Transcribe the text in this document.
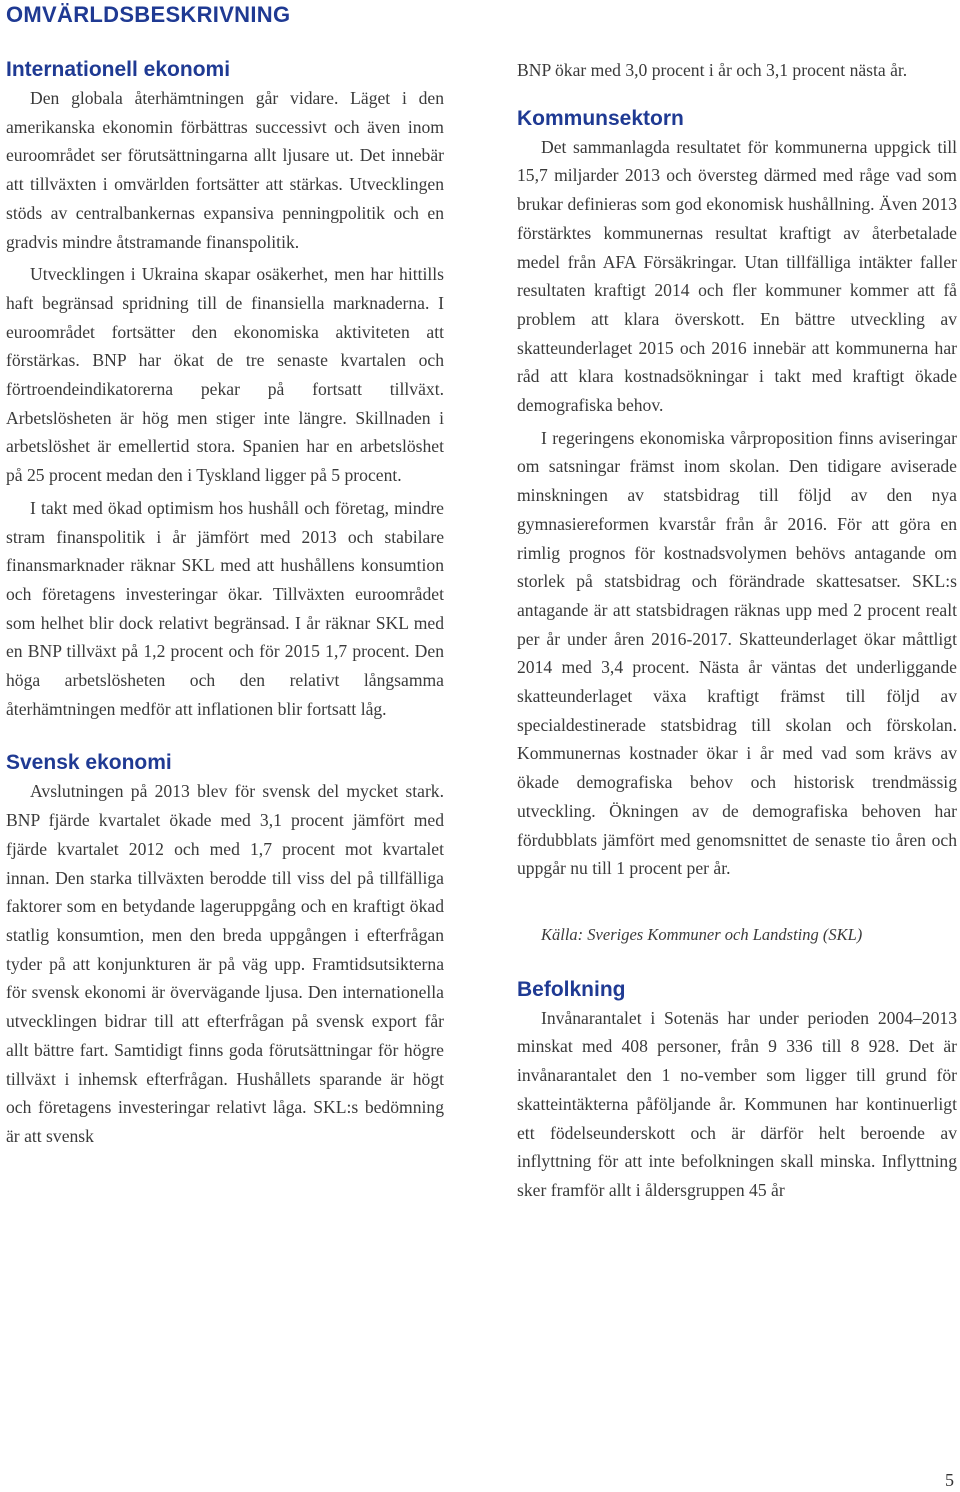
OMVÄRLDSBESKRIVNING
Internationell ekonomi

Den globala återhämtningen går vidare. Läget i den amerikanska ekonomin förbättras successivt och även inom euroområdet ser förutsättningarna allt ljusare ut. Det innebär att tillväxten i omvärlden fortsätter att stärkas. Utvecklingen stöds av centralbankernas expansiva penningpolitik och en gradvis mindre åtstramande finanspolitik.

Utvecklingen i Ukraina skapar osäkerhet, men har hittills haft begränsad spridning till de finansiella marknaderna. I euroområdet fortsätter den ekonomiska aktiviteten att förstärkas. BNP har ökat de tre senaste kvartalen och förtroendeindikatorerna pekar på fortsatt tillväxt. Arbetslösheten är hög men stiger inte längre. Skillnaden i arbetslöshet är emellertid stora. Spanien har en arbetslöshet på 25 procent medan den i Tyskland ligger på 5 procent.

I takt med ökad optimism hos hushåll och företag, mindre stram finanspolitik i år jämfört med 2013 och stabilare finansmarknader räknar SKL med att hushållens konsumtion och företagens investeringar ökar. Tillväxten euroområdet som helhet blir dock relativt begränsad. I år räknar SKL med en BNP tillväxt på 1,2 procent och för 2015 1,7 procent. Den höga arbetslösheten och den relativt långsamma återhämtningen medför att inflationen blir fortsatt låg.

Svensk ekonomi

Avslutningen på 2013 blev för svensk del mycket stark. BNP fjärde kvartalet ökade med 3,1 procent jämfört med fjärde kvartalet 2012 och med 1,7 procent mot kvartalet innan. Den starka tillväxten berodde till viss del på tillfälliga faktorer som en betydande lageruppgång och en kraftigt ökad statlig konsumtion, men den breda uppgången i efterfrågan tyder på att konjunkturen är på väg upp. Framtidsutsikterna för svensk ekonomi är övervägande ljusa. Den internationella utvecklingen bidrar till att efterfrågan på svensk export får allt bättre fart. Samtidigt finns goda förutsättningar för högre tillväxt i inhemsk efterfrågan. Hushållets sparande är högt och företagens investeringar relativt låga. SKL:s bedömning är att svensk

BNP ökar med 3,0 procent i år och 3,1 procent nästa år.

Kommunsektorn

Det sammanlagda resultatet för kommunerna uppgick till 15,7 miljarder 2013 och översteg därmed med råge vad som brukar definieras som god ekonomisk hushållning. Även 2013 förstärktes kommunernas resultat kraftigt av återbetalade medel från AFA Försäkringar. Utan tillfälliga intäkter faller resultaten kraftigt 2014 och fler kommuner kommer att få problem att klara överskott. En bättre utveckling av skatteunderlaget 2015 och 2016 innebär att kommunerna har råd att klara kostnadsökningar i takt med kraftigt ökade demografiska behov.

I regeringens ekonomiska vårproposition finns aviseringar om satsningar främst inom skolan. Den tidigare aviserade minskningen av statsbidrag till följd av den nya gymnasiereformen kvarstår från år 2016. För att göra en rimlig prognos för kostnadsvolymen behövs antagande om storlek på statsbidrag och förändrade skattesatser. SKL:s antagande är att statsbidragen räknas upp med 2 procent realt per år under åren 2016-2017. Skatteunderlaget ökar måttligt 2014 med 3,4 procent. Nästa år väntas det underliggande skatteunderlaget växa kraftigt främst till följd av specialdestinerade statsbidrag till skolan och förskolan. Kommunernas kostnader ökar i år med vad som krävs av ökade demografiska behov och historisk trendmässig utveckling. Ökningen av de demografiska behoven har fördubblats jämfört med genomsnittet de senaste tio åren och uppgår nu till 1 procent per år.

Källa: Sveriges Kommuner och Landsting (SKL)

Befolkning

Invånarantalet i Sotenäs har under perioden 2004–2013 minskat med 408 personer, från 9 336 till 8 928. Det är invånarantalet den 1 no-vember som ligger till grund för skatteintäkterna påföljande år. Kommunen har kontinuerligt ett födelseunderskott och är därför helt beroende av inflyttning för att inte befolkningen skall minska. Inflyttning sker framför allt i åldersgruppen 45 år

5
